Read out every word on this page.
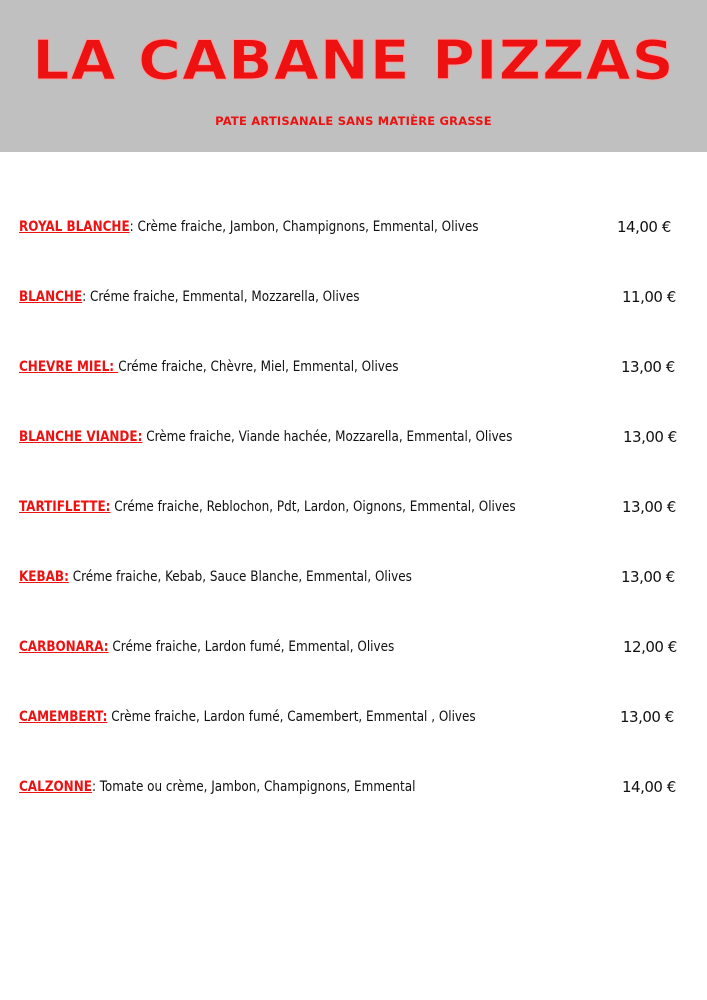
LA CABANE PIZZAS
PATE ARTISANALE SANS MATIÈRE GRASSE
ROYAL BLANCHE: Crème fraiche, Jambon, Champignons, Emmental, Olives	14,00 €
BLANCHE: Créme fraiche, Emmental, Mozzarella, Olives	11,00 €
CHEVRE MIEL: Créme fraiche, Chèvre, Miel, Emmental, Olives	13,00 €
BLANCHE VIANDE: Crème fraiche, Viande hachée, Mozzarella, Emmental, Olives	13,00 €
TARTIFLETTE: Créme fraiche, Reblochon, Pdt, Lardon, Oignons, Emmental, Olives	13,00 €
KEBAB: Créme fraiche, Kebab, Sauce Blanche, Emmental, Olives	13,00 €
CARBONARA: Créme fraiche, Lardon fumé, Emmental, Olives	12,00 €
CAMEMBERT: Crème fraiche, Lardon fumé, Camembert, Emmental , Olives	13,00 €
CALZONNE: Tomate ou crème, Jambon, Champignons, Emmental	14,00 €
